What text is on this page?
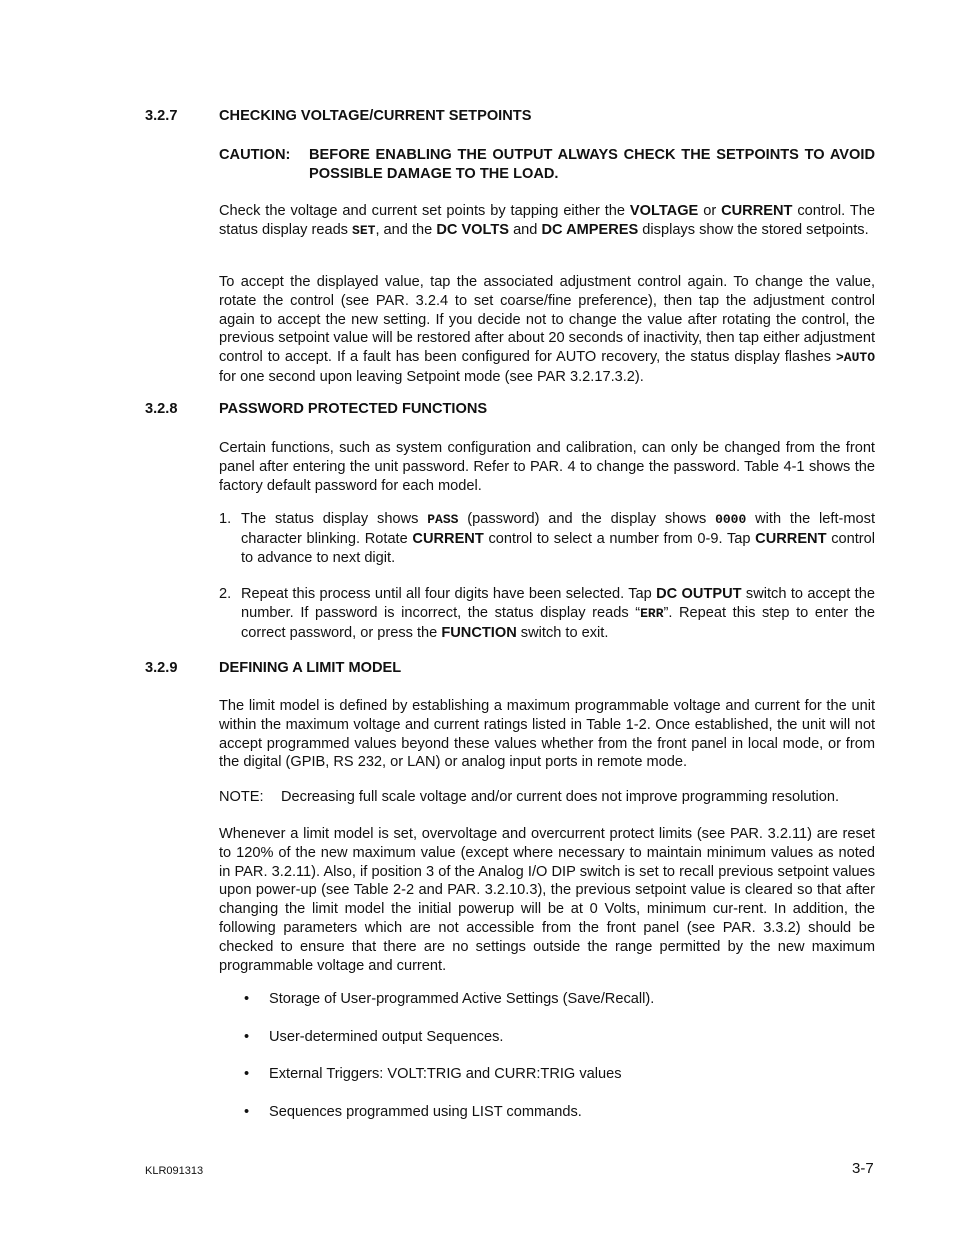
3.2.7	CHECKING VOLTAGE/CURRENT SETPOINTS
CAUTION: BEFORE ENABLING THE OUTPUT ALWAYS CHECK THE SETPOINTS TO AVOID POSSIBLE DAMAGE TO THE LOAD.

Check the voltage and current set points by tapping either the VOLTAGE or CURRENT control. The status display reads SET, and the DC VOLTS and DC AMPERES displays show the stored setpoints.

To accept the displayed value, tap the associated adjustment control again. To change the value, rotate the control (see PAR. 3.2.4 to set coarse/fine preference), then tap the adjustment control again to accept the new setting. If you decide not to change the value after rotating the control, the previous setpoint value will be restored after about 20 seconds of inactivity, then tap either adjustment control to accept. If a fault has been configured for AUTO recovery, the status display flashes >AUTO for one second upon leaving Setpoint mode (see PAR 3.2.17.3.2).

3.2.8	PASSWORD PROTECTED FUNCTIONS

Certain functions, such as system configuration and calibration, can only be changed from the front panel after entering the unit password. Refer to PAR. 4 to change the password. Table 4-1 shows the factory default password for each model.

1. The status display shows PASS (password) and the display shows 0000 with the left-most character blinking. Rotate CURRENT control to select a number from 0-9. Tap CURRENT control to advance to next digit.
2. Repeat this process until all four digits have been selected. Tap DC OUTPUT switch to accept the number. If password is incorrect, the status display reads “ERR”. Repeat this step to enter the correct password, or press the FUNCTION switch to exit.
3.2.9	DEFINING A LIMIT MODEL

The limit model is defined by establishing a maximum programmable voltage and current for the unit within the maximum voltage and current ratings listed in Table 1-2. Once established, the unit will not accept programmed values beyond these values whether from the front panel in local mode, or from the digital (GPIB, RS 232, or LAN) or analog input ports in remote mode.

NOTE: Decreasing full scale voltage and/or current does not improve programming resolution.

Whenever a limit model is set, overvoltage and overcurrent protect limits (see PAR. 3.2.11) are reset to 120% of the new maximum value (except where necessary to maintain minimum values as noted in PAR. 3.2.11). Also, if position 3 of the Analog I/O DIP switch is set to recall previous setpoint values upon power-up (see Table 2-2 and PAR. 3.2.10.3), the previous setpoint value is cleared so that after changing the limit model the initial powerup will be at 0 Volts, minimum cur-rent. In addition, the following parameters which are not accessible from the front panel (see PAR. 3.3.2) should be checked to ensure that there are no settings outside the range permitted by the new maximum programmable voltage and current.

• Storage of User-programmed Active Settings (Save/Recall).
• User-determined output Sequences.
• External Triggers: VOLT:TRIG and CURR:TRIG values
• Sequences programmed using LIST commands.
KLR091313	3-7
